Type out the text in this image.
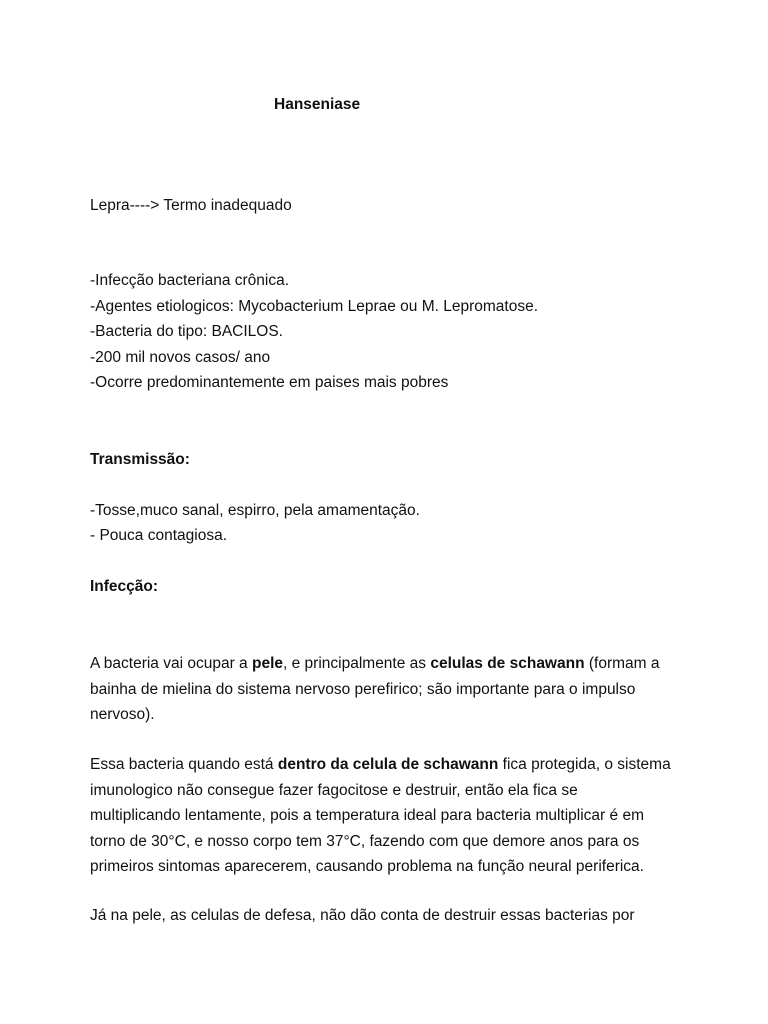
Hanseniase
Lepra----> Termo inadequado
-Infecção bacteriana crônica.
-Agentes etiologicos: Mycobacterium Leprae ou M. Lepromatose.
-Bacteria do tipo: BACILOS.
-200 mil novos casos/ ano
-Ocorre predominantemente em paises mais pobres
Transmissão:
-Tosse,muco sanal, espirro, pela amamentação.
- Pouca contagiosa.
Infecção:
A bacteria vai ocupar a pele, e principalmente as celulas de schawann (formam a
bainha de mielina do sistema nervoso perefirico; são importante para o impulso
nervoso).
Essa bacteria quando está dentro da celula de schawann fica protegida, o sistema
imunologico não consegue fazer fagocitose e destruir, então ela fica se
multiplicando lentamente, pois a temperatura ideal para bacteria multiplicar é em
torno de 30°C, e nosso corpo tem 37°C, fazendo com que demore anos para os
primeiros sintomas aparecerem, causando problema na função neural periferica.
Já na pele, as celulas de defesa, não dão conta de destruir essas bacterias por
